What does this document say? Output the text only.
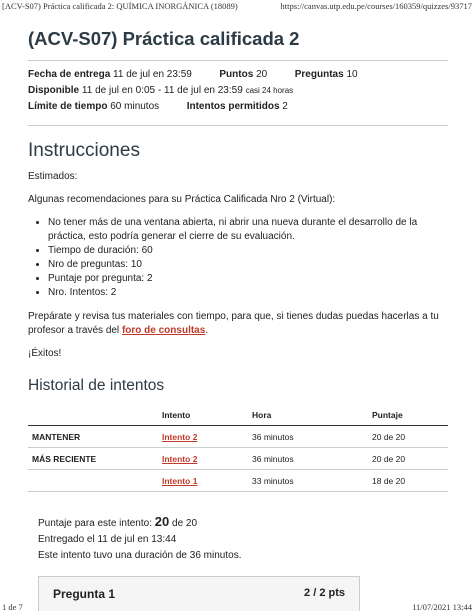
[ACV-S07) Práctica calificada 2: QUÍMICA INORGÁNICA (18089)	https://canvas.utp.edu.pe/courses/160359/quizzes/93717
(ACV-S07) Práctica calificada 2
Fecha de entrega 11 de jul en 23:59	Puntos 20	Preguntas 10
Disponible 11 de jul en 0:05 - 11 de jul en 23:59 casi 24 horas
Límite de tiempo 60 minutos	Intentos permitidos 2
Instrucciones

Estimados:

Algunas recomendaciones para su Práctica Calificada Nro 2 (Virtual):

• No tener más de una ventana abierta, ni abrir una nueva durante el desarrollo de la práctica, esto podría generar el cierre de su evaluación.
• Tiempo de duración: 60
• Nro de preguntas: 10
• Puntaje por pregunta: 2
• Nro. Intentos: 2

Prepárate y revisa tus materiales con tiempo, para que, si tienes dudas puedas hacerlas a tu profesor a través del foro de consultas.

¡Éxitos!

Historial de intentos
	Intento	Hora	Puntaje
MANTENER	Intento 2	36 minutos	20 de 20
MÁS RECIENTE	Intento 2	36 minutos	20 de 20
	Intento 1	33 minutos	18 de 20
Puntaje para este intento: 20 de 20
Entregado el 11 de jul en 13:44
Este intento tuvo una duración de 36 minutos.
Pregunta 1	2 / 2 pts
1 de 7	11/07/2021 13:44
